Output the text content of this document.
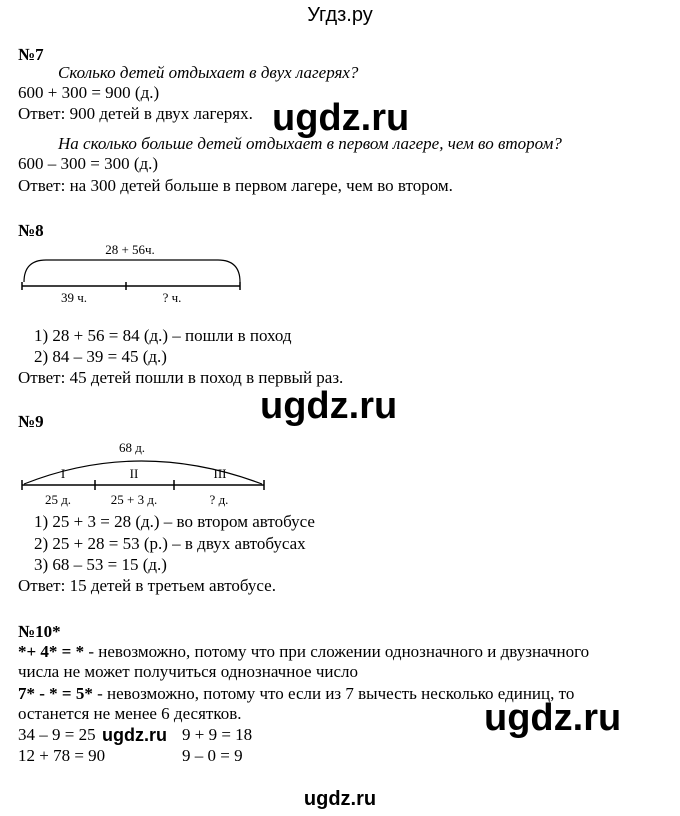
Угдз.ру
№7
Сколько детей отдыхает в двух лагерях?
600 + 300 = 900 (д.)
Ответ: 900 детей в двух лагерях.
На сколько больше детей отдыхает в первом лагере, чем во втором?
600 – 300 = 300 (д.)
Ответ: на 300 детей больше в первом лагере, чем во втором.
№8
28 + 56ч.
39 ч.	? ч.
1) 28 + 56 = 84 (д.) – пошли в поход
2) 84 – 39 = 45 (д.)
Ответ: 45 детей пошли в поход в первый раз.
№9
68 д.
I	II	III
25 д.	25 + 3 д.	? д.
1) 25 + 3 = 28 (д.) – во втором автобусе
2) 25 + 28 = 53 (р.) – в двух автобусах
3) 68 – 53 = 15 (д.)
Ответ: 15 детей в третьем автобусе.
№10*
*+ 4* = * - невозможно, потому что при сложении однозначного и двузначного
числа не может получиться однозначное число
7* - * = 5* - невозможно, потому что если из 7 вычесть несколько единиц, то
останется не менее 6 десятков.
34 – 9 = 25	9 + 9 = 18
12 + 78 = 90	9 – 0 = 9
ugdz.ru
ugdz.ru
ugdz.ru
ugdz.ru
ugdz.ru
